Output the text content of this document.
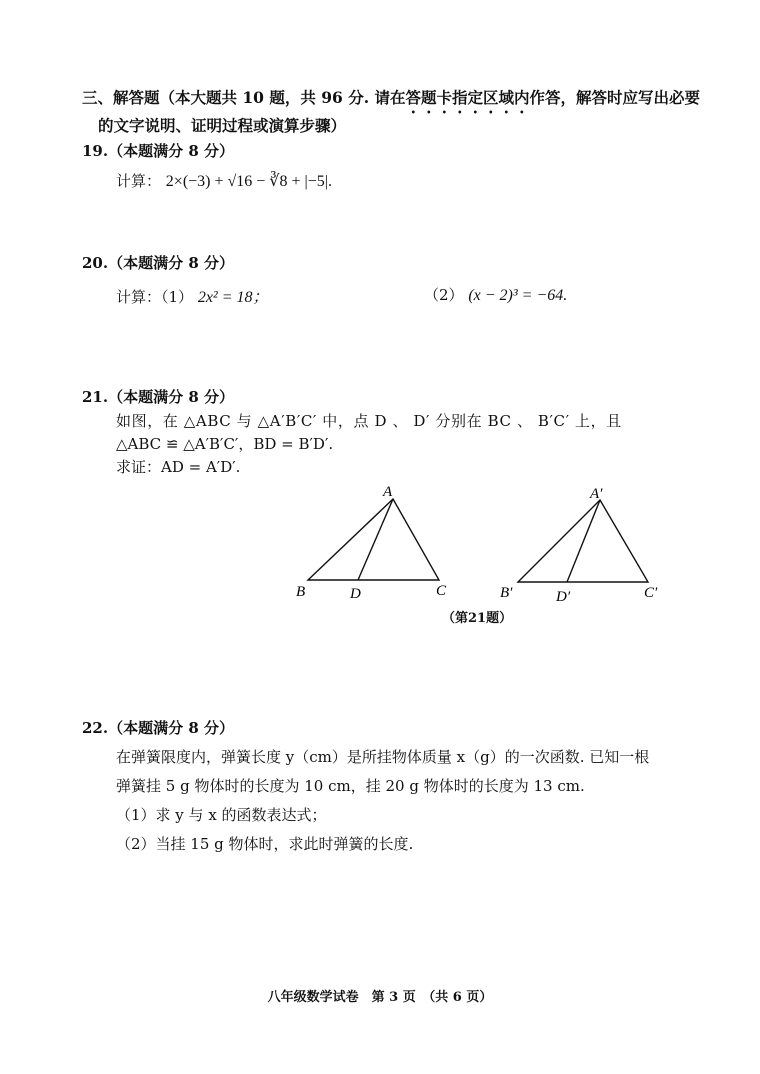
三、解答题（本大题共 10 题，共 96 分. 请在答题卡指定区域内作答，解答时应写出必要
的文字说明、证明过程或演算步骤）
19.（本题满分 8 分）
计算： 2×(−3) + √16 − ∛8 + |−5|.
20.（本题满分 8 分）
计算：（1） 2x² = 18；	（2） (x − 2)³ = −64.
21.（本题满分 8 分）
如图，在 △ABC 与 △A′B′C′ 中，点 D 、 D′ 分别在 BC 、 B′C′ 上，且
△ABC ≌ △A′B′C′，BD = B′D′.
求证：AD = A′D′.
A
B	C
D
A′
B′	C′
D′
（第21题）
22.（本题满分 8 分）
在弹簧限度内，弹簧长度 y（cm）是所挂物体质量 x（g）的一次函数. 已知一根
弹簧挂 5 g 物体时的长度为 10 cm，挂 20 g 物体时的长度为 13 cm.
（1）求 y 与 x 的函数表达式；
（2）当挂 15 g 物体时，求此时弹簧的长度.
八年级数学试卷　第 3 页　（共 6 页）
